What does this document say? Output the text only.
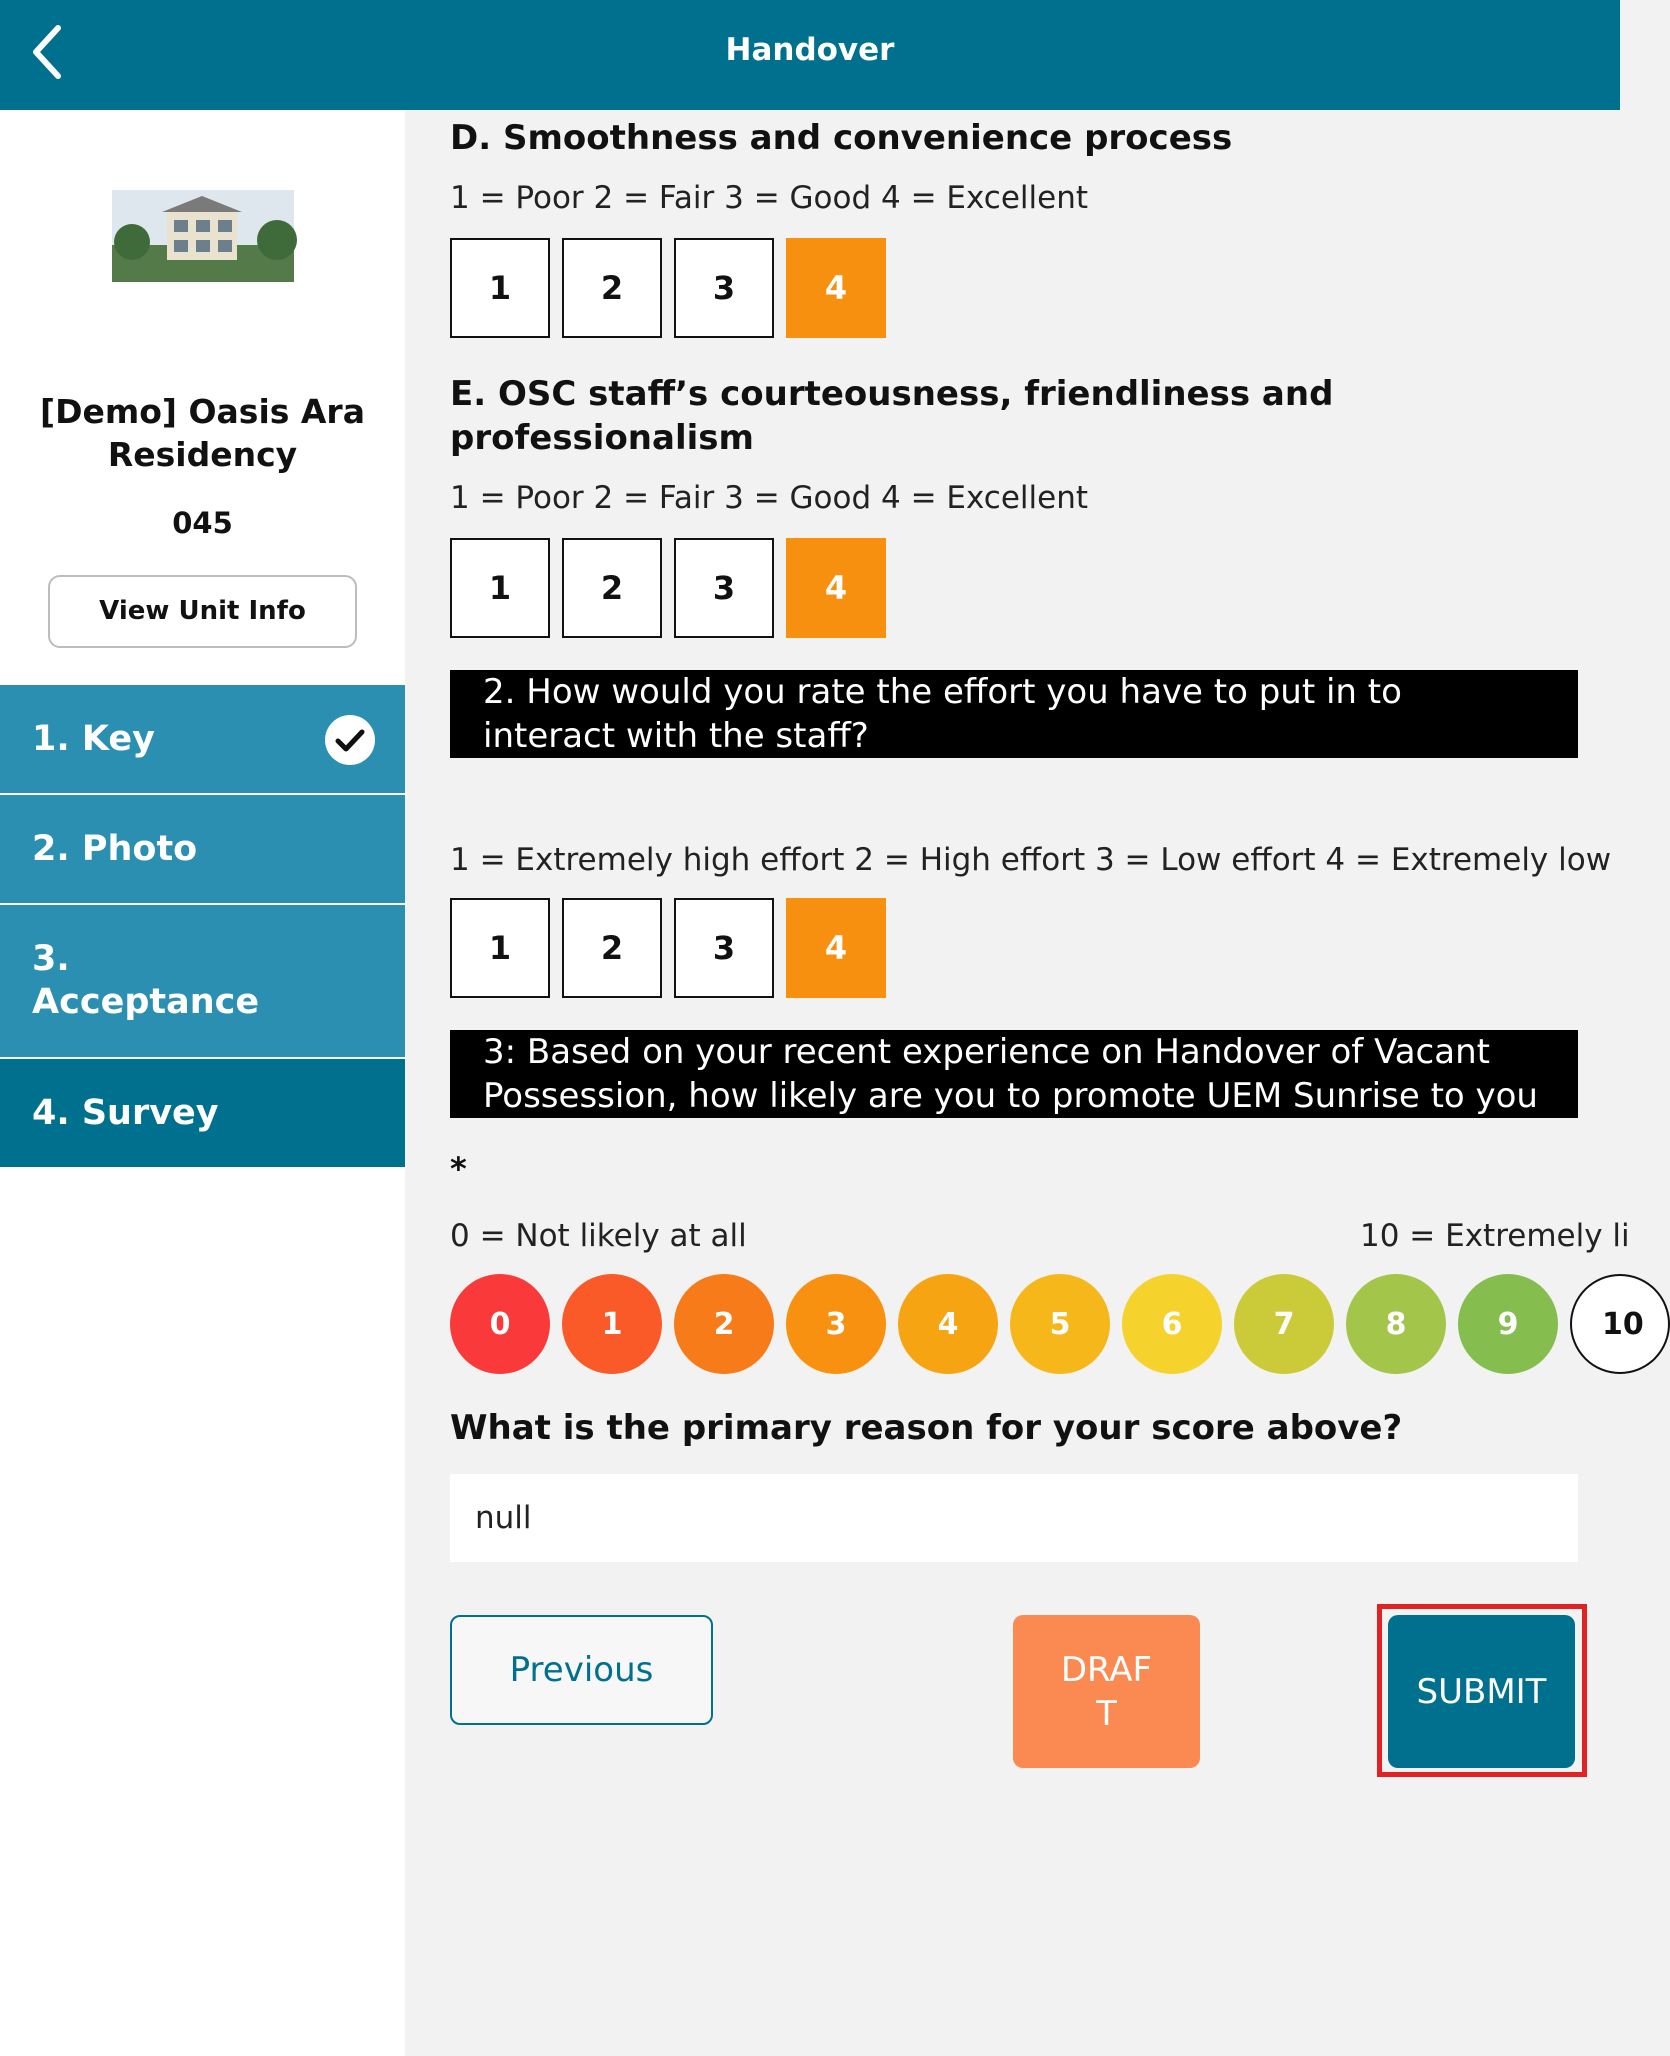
Handover
[Demo] Oasis Ara Residency
045
View Unit Info
1. Key
2. Photo
3. Acceptance
4. Survey
D. Smoothness and convenience process
1 = Poor 2 = Fair 3 = Good 4 = Excellent
1	2	3	4
E. OSC staff’s courteousness, friendliness and professionalism
1 = Poor 2 = Fair 3 = Good 4 = Excellent
1	2	3	4
2. How would you rate the effort you have to put in to interact with the staff?
1 = Extremely high effort 2 = High effort 3 = Low effort 4 = Extremely low
1	2	3	4
3: Based on your recent experience on Handover of Vacant Possession, how likely are you to promote UEM Sunrise to you
*
0 = Not likely at all	10 = Extremely li
0	1	2	3	4	5	6	7	8	9	10
What is the primary reason for your score above?
null
Previous	DRAFT
SUBMIT
